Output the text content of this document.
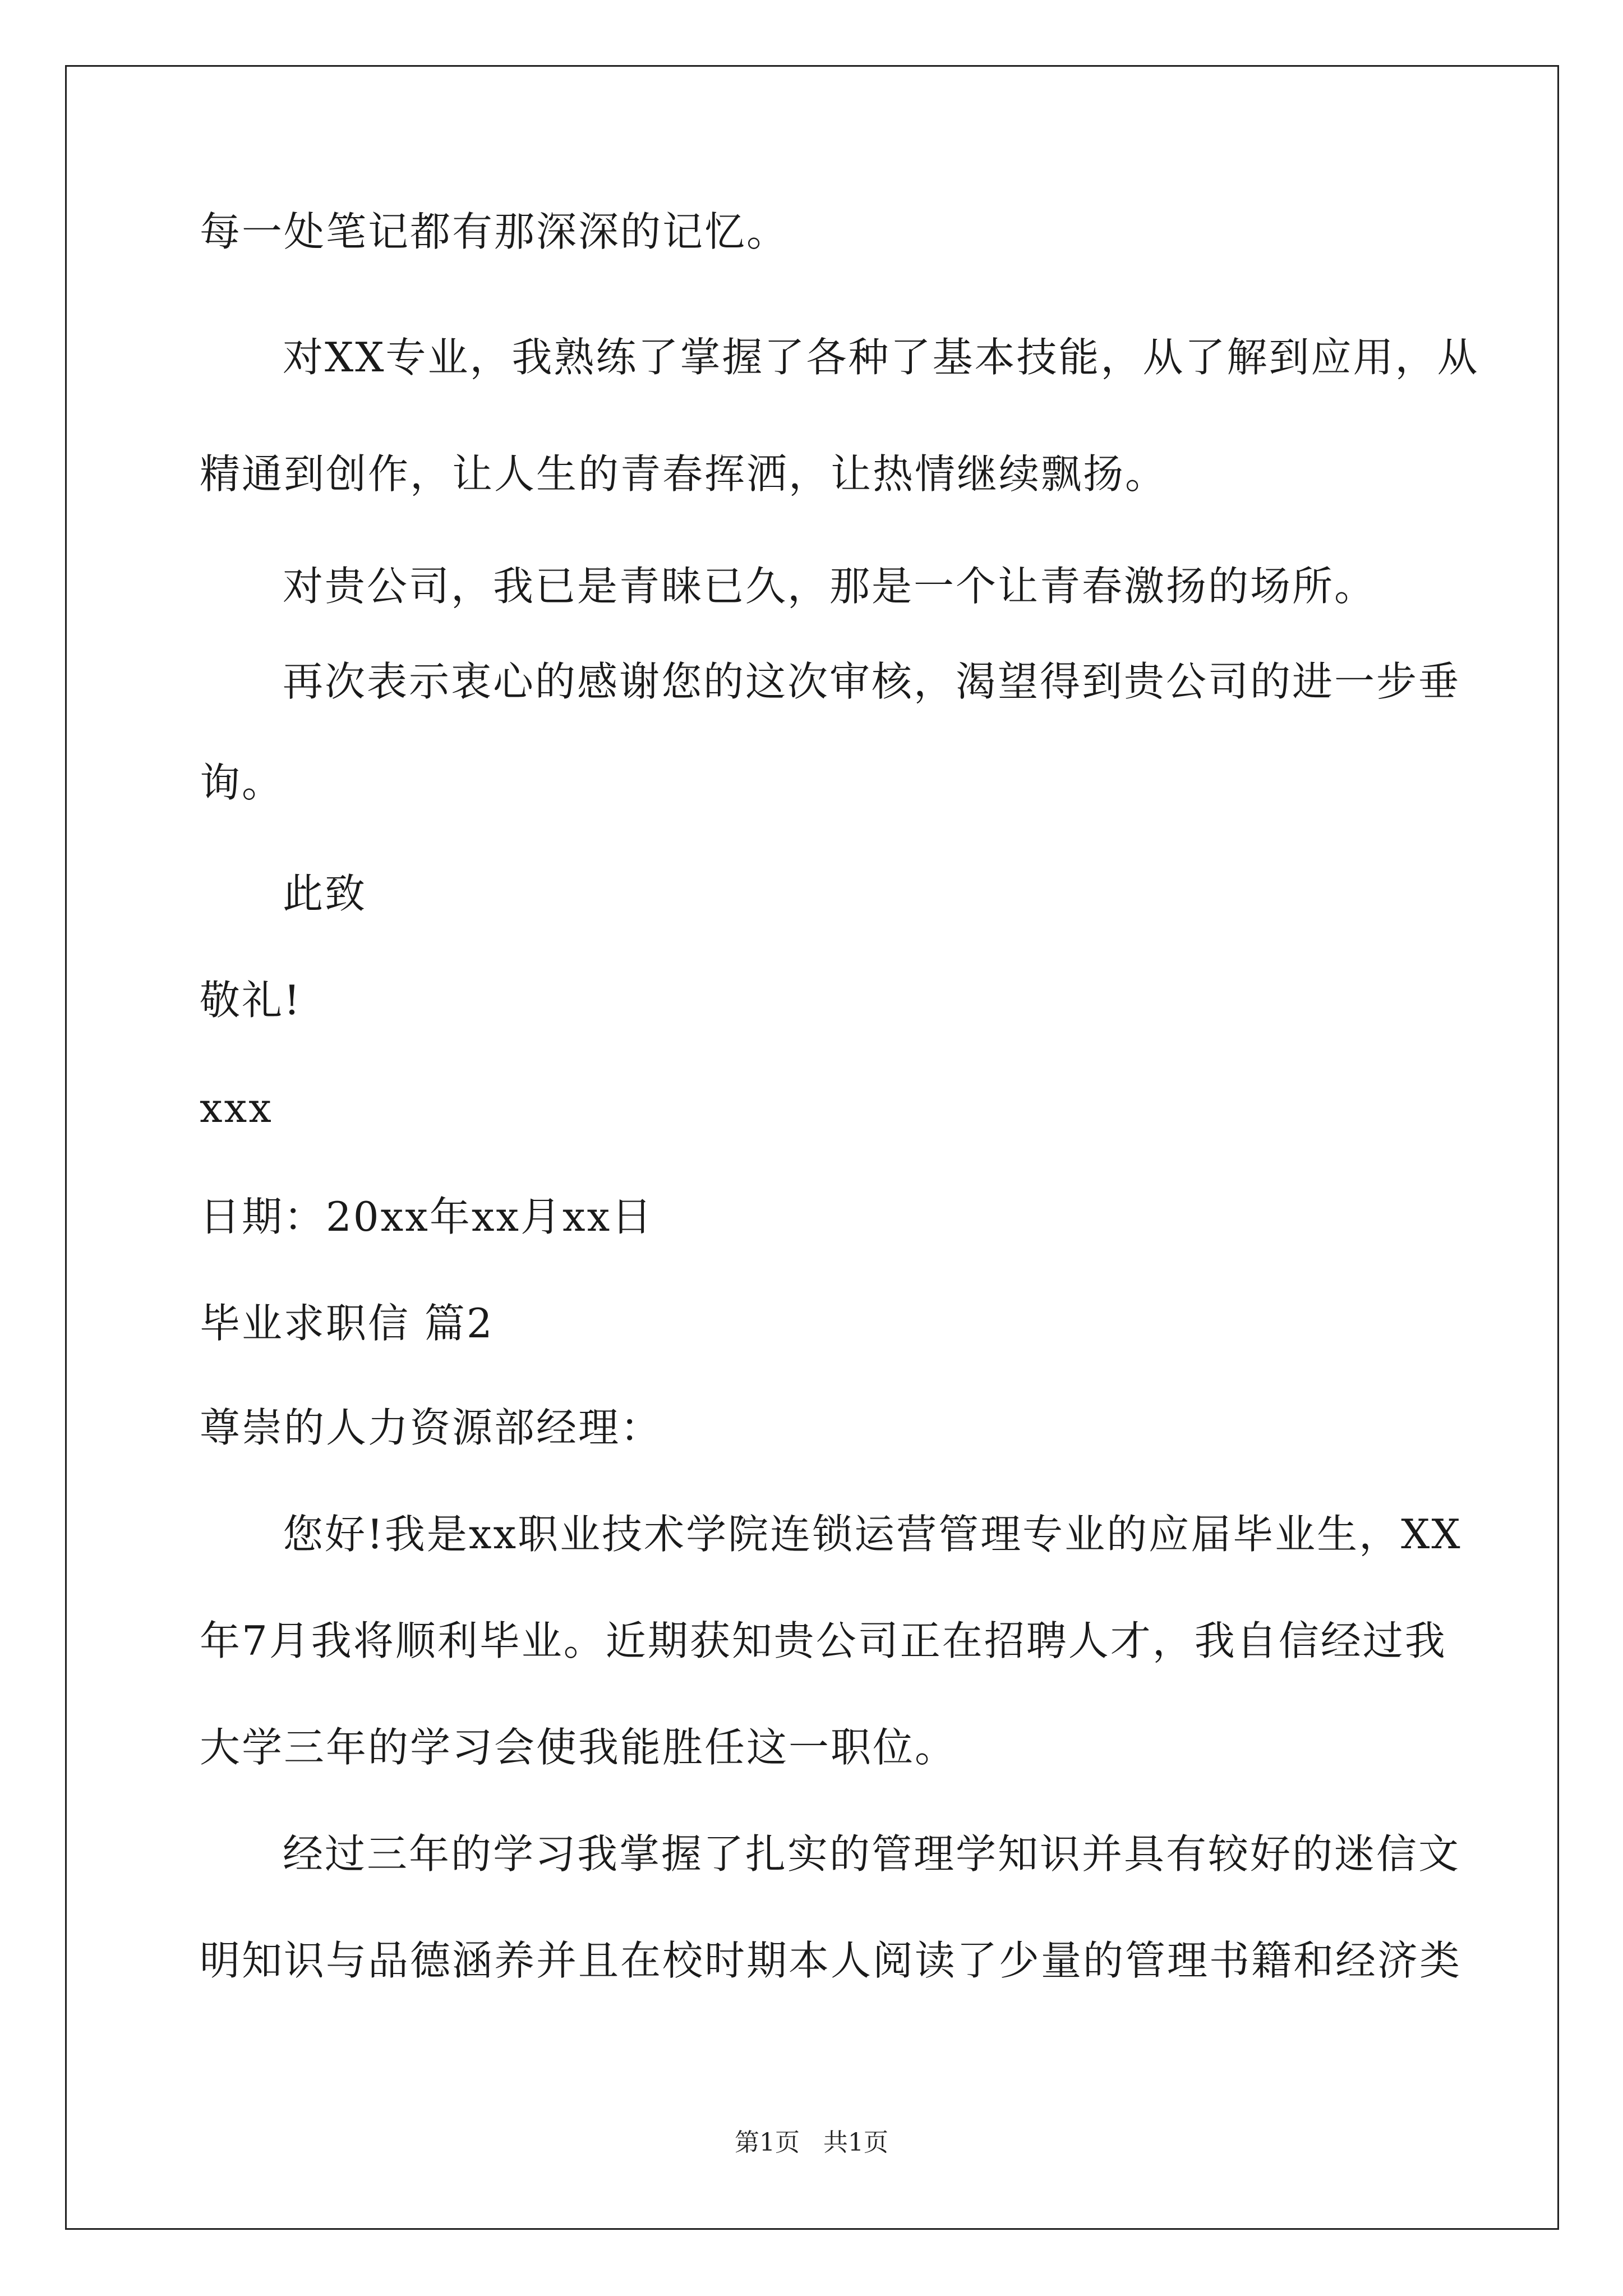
每一处笔记都有那深深的记忆。
对XX专业，我熟练了掌握了各种了基本技能，从了解到应用，从
精通到创作，让人生的青春挥洒，让热情继续飘扬。
对贵公司，我已是青睐已久，那是一个让青春激扬的场所。
再次表示衷心的感谢您的这次审核，渴望得到贵公司的进一步垂
询。
此致
敬礼!
xxx
日期：20xx年xx月xx日
毕业求职信 篇2
尊崇的人力资源部经理：
您好!我是xx职业技术学院连锁运营管理专业的应届毕业生，XX
年7月我将顺利毕业。近期获知贵公司正在招聘人才，我自信经过我
大学三年的学习会使我能胜任这一职位。
经过三年的学习我掌握了扎实的管理学知识并具有较好的迷信文
明知识与品德涵养并且在校时期本人阅读了少量的管理书籍和经济类
第1页   共1页
